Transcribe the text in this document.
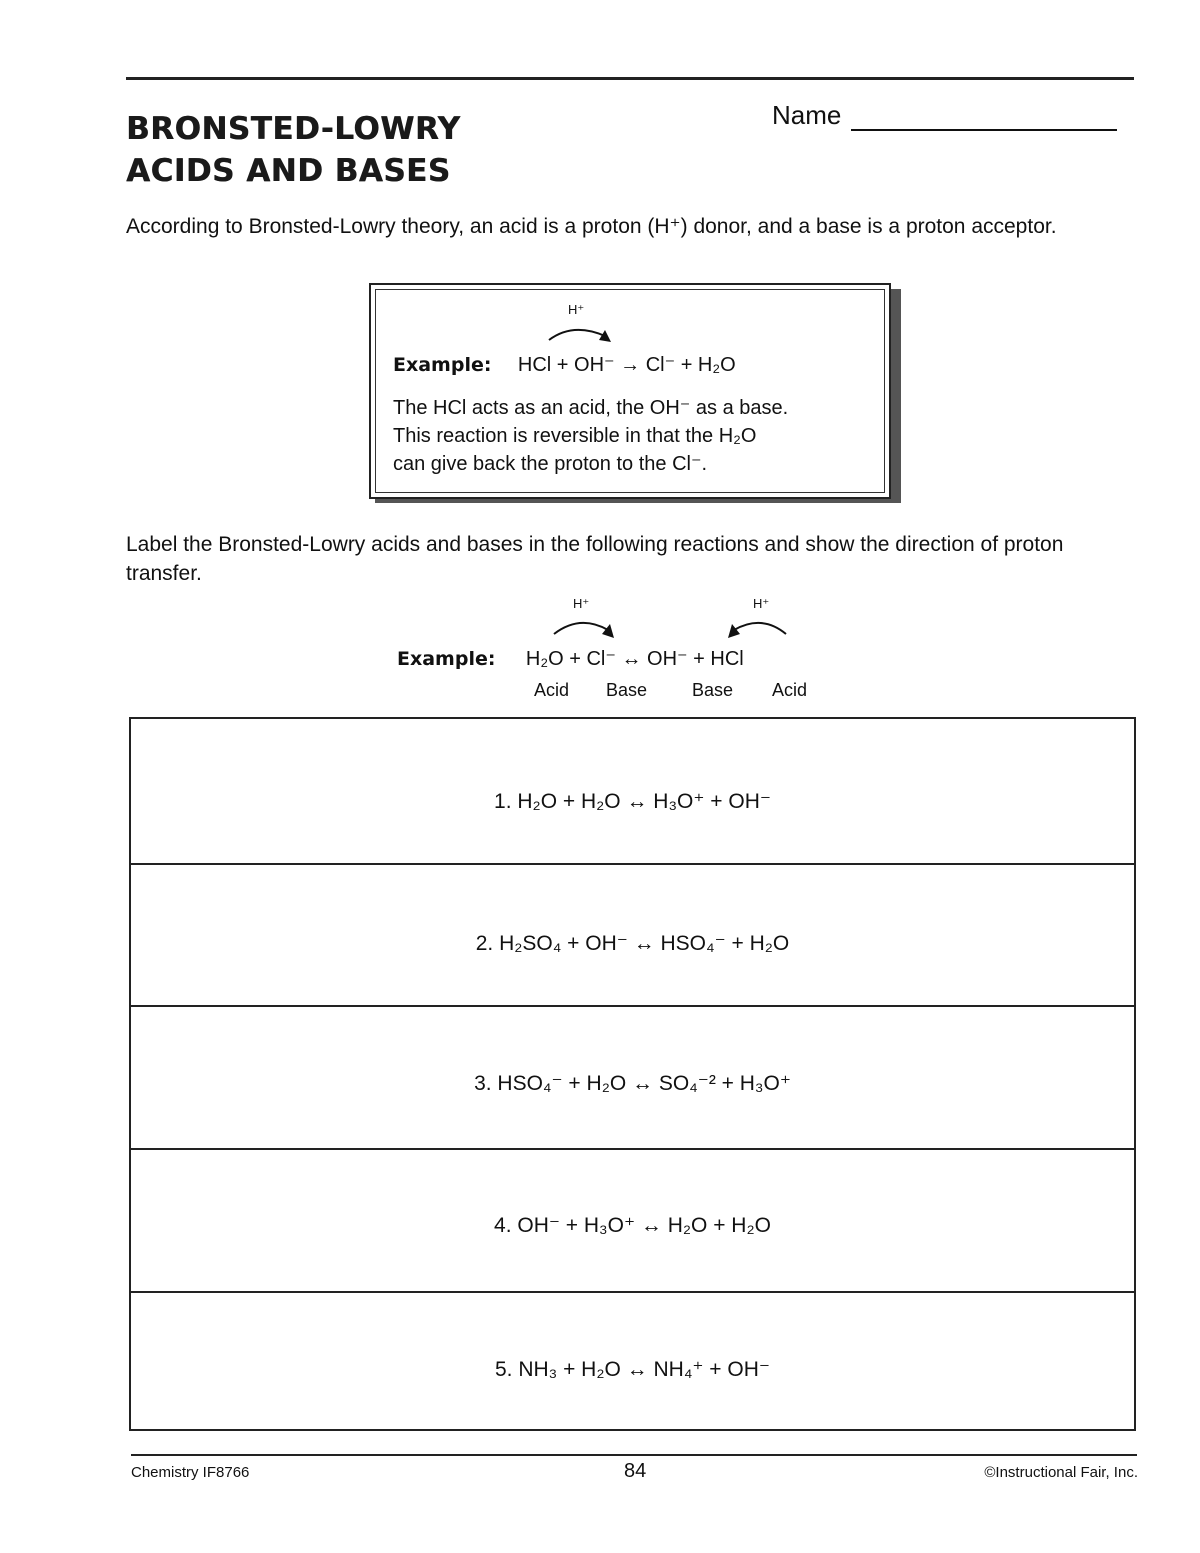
BRONSTED-LOWRY
ACIDS AND BASES
Name
According to Bronsted-Lowry theory, an acid is a proton (H⁺) donor, and a base is a proton acceptor.
H⁺
Example: HCl + OH⁻ → Cl⁻ + H₂O
The HCl acts as an acid, the OH⁻ as a base.
This reaction is reversible in that the H₂O
can give back the proton to the Cl⁻.
Label the Bronsted-Lowry acids and bases in the following reactions and show the direction of proton transfer.
H⁺	H⁺
Example: H₂O + Cl⁻ ↔ OH⁻ + HCl
Acid Base Base Acid
1. H₂O + H₂O ↔ H₃O⁺ + OH⁻
2. H₂SO₄ + OH⁻ ↔ HSO₄⁻ + H₂O
3. HSO₄⁻ + H₂O ↔ SO₄⁻² + H₃O⁺
4. OH⁻ + H₃O⁺ ↔ H₂O + H₂O
5. NH₃ + H₂O ↔ NH₄⁺ + OH⁻
Chemistry IF8766	84	©Instructional Fair, Inc.
